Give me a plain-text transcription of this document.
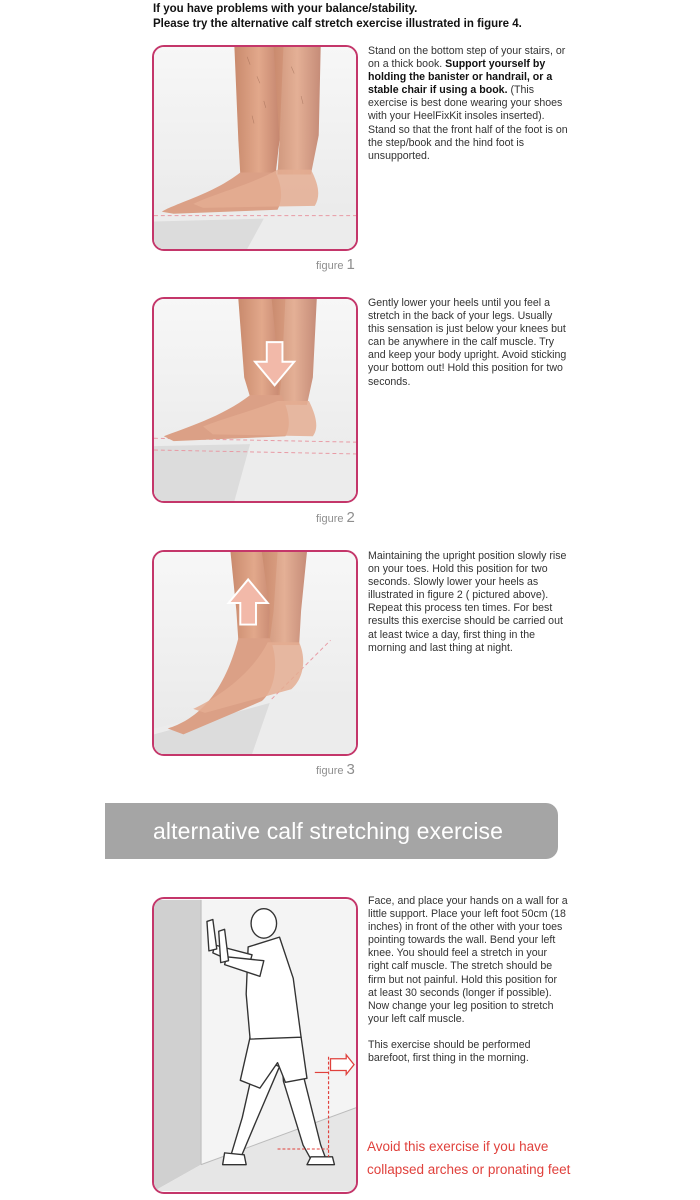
If you have problems with your balance/stability.
Please try the alternative calf stretch exercise illustrated in figure 4.
figure 1
Stand on the bottom step of your stairs, or on a thick book. Support yourself by holding the banister or handrail, or a stable chair if using a book. (This exercise is best done wearing your shoes with your HeelFixKit insoles inserted). Stand so that the front half of the foot is on the step/book and the hind foot is unsupported.
figure 2
Gently lower your heels until you feel a stretch in the back of your legs. Usually this sensation is just below your knees but can be anywhere in the calf muscle. Try and keep your body upright. Avoid sticking your bottom out! Hold this position for two seconds.
figure 3
Maintaining the upright position slowly rise on your toes. Hold this position for two seconds. Slowly lower your heels as illustrated in figure 2 ( pictured above). Repeat this process ten times. For best results this exercise should be carried out at least twice a day, first thing in the morning and last thing at night.
alternative calf stretching exercise
Face, and place your hands on a wall for a little support. Place your left foot 50cm (18 inches) in front of the other with your toes pointing towards the wall. Bend your left knee. You should feel a stretch in your right calf muscle. The stretch should be firm but not painful. Hold this position for at least 30 seconds (longer if possible). Now change your leg position to stretch your left calf muscle.
This exercise should be performed barefoot, first thing in the morning.
Avoid this exercise if you have
collapsed arches or pronating feet
